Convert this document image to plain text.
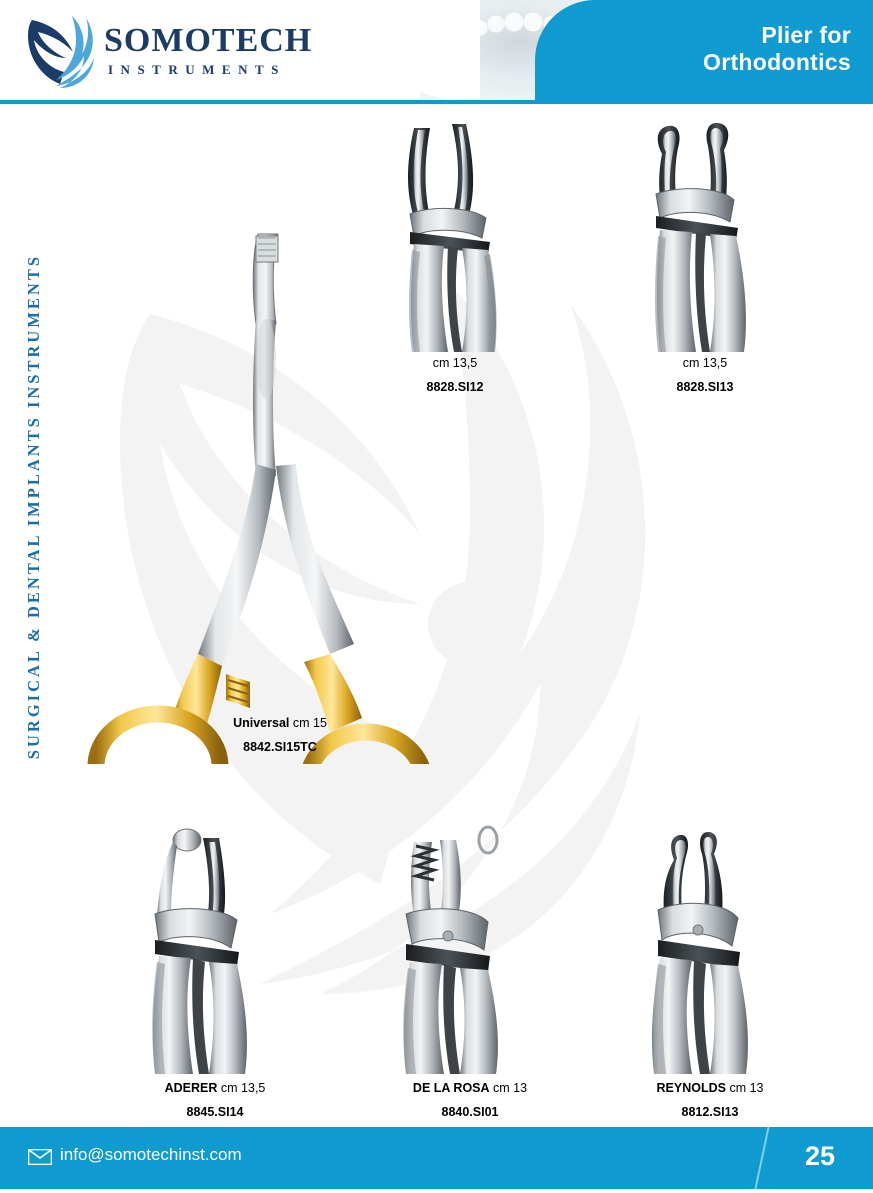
SOMOTECH
INSTRUMENTS
Plier for
Orthodontics
SURGICAL & DENTAL IMPLANTS INSTRUMENTS	cm 13,5
8828.SI12
cm 13,5
8828.SI13
Universal cm 15
8842.SI15TC
ADERER cm 13,5
8845.SI14
DE LA ROSA cm 13
8840.SI01
REYNOLDS cm 13
8812.SI13
info@somotechinst.com	25
